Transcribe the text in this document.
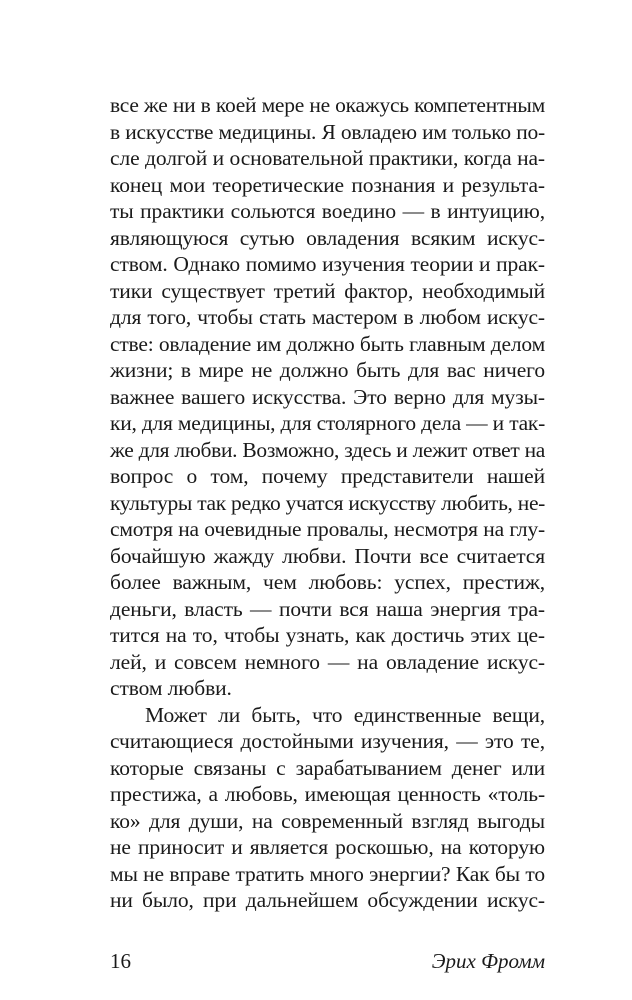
все же ни в коей мере не окажусь компетентным
в искусстве медицины. Я овладею им только по-
сле долгой и основательной практики, когда на-
конец мои теоретические познания и результа-
ты практики сольются воедино — в интуицию,
являющуюся сутью овладения всяким искус-
ством. Однако помимо изучения теории и прак-
тики существует третий фактор, необходимый
для того, чтобы стать мастером в любом искус-
стве: овладение им должно быть главным делом
жизни; в мире не должно быть для вас ничего
важнее вашего искусства. Это верно для музы-
ки, для медицины, для столярного дела — и так-
же для любви. Возможно, здесь и лежит ответ на
вопрос о том, почему представители нашей
культуры так редко учатся искусству любить, не-
смотря на очевидные провалы, несмотря на глу-
бочайшую жажду любви. Почти все считается
более важным, чем любовь: успех, престиж,
деньги, власть — почти вся наша энергия тра-
тится на то, чтобы узнать, как достичь этих це-
лей, и совсем немного — на овладение искус-
ством любви.
Может ли быть, что единственные вещи,
считающиеся достойными изучения, — это те,
которые связаны с зарабатыванием денег или
престижа, а любовь, имеющая ценность «толь-
ко» для души, на современный взгляд выгоды
не приносит и является роскошью, на которую
мы не вправе тратить много энергии? Как бы то
ни было, при дальнейшем обсуждении искус-
16	Эрих Фромм
